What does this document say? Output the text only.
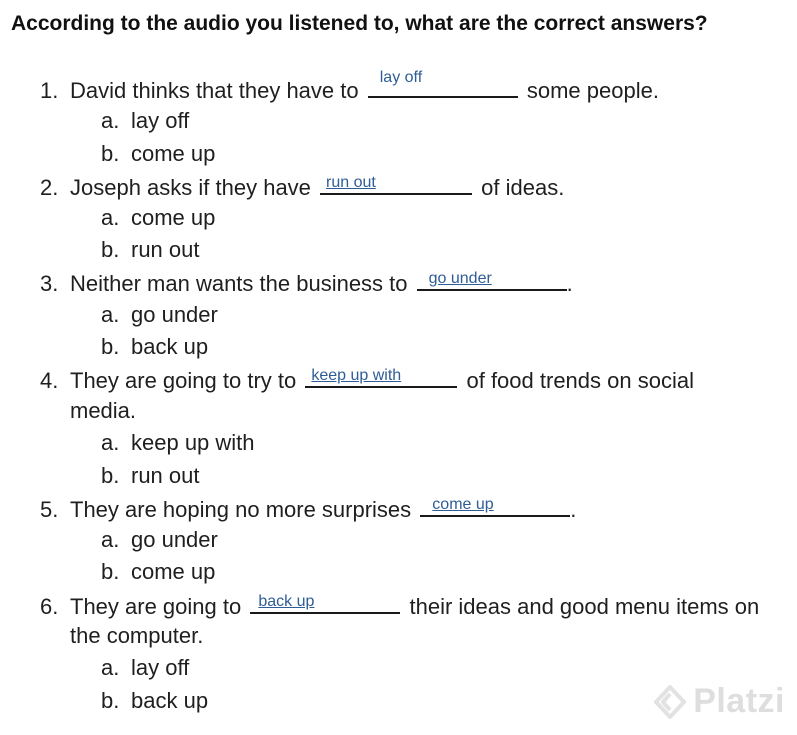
According to the audio you listened to, what are the correct answers?
1. David thinks that they have to
lay off
some people.
a. lay off
b. come up
2. Joseph asks if they have run out	of ideas.
a. come up
b. run out
3. Neither man wants the business to go under	.
a. go under
b. back up
4. They are going to try to keep up with	of food trends on social
media.
a. keep up with
b. run out
5. They are hoping no more surprises come up	.
a. go under
b. come up
6. They are going to back up	their ideas and good menu items on
the computer.
a. lay off
b. back up	Platzi
